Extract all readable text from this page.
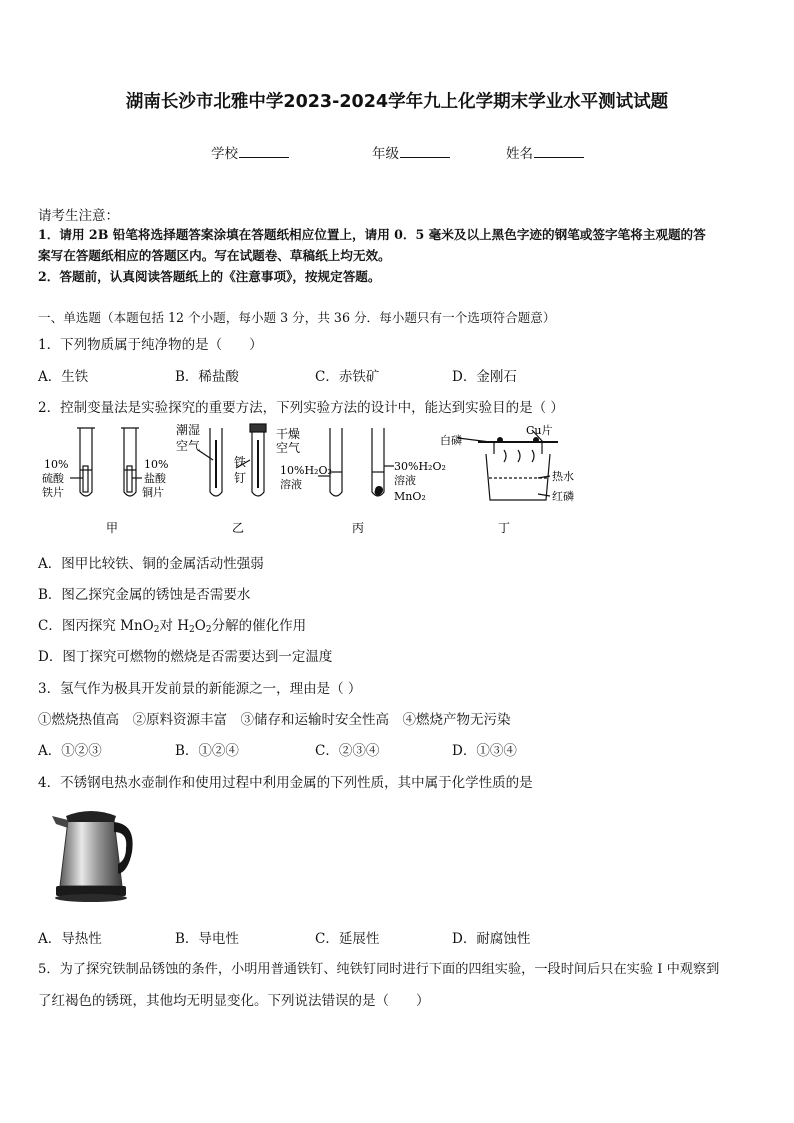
湖南长沙市北雅中学2023-2024学年九上化学期末学业水平测试试题
学校	年级	姓名
请考生注意：
1．请用 2B 铅笔将选择题答案涂填在答题纸相应位置上，请用 0．5 毫米及以上黑色字迹的钢笔或签字笔将主观题的答
案写在答题纸相应的答题区内。写在试题卷、草稿纸上均无效。
2．答题前，认真阅读答题纸上的《注意事项》，按规定答题。
一、单选题（本题包括 12 个小题，每小题 3 分，共 36 分．每小题只有一个选项符合题意）
1．下列物质属于纯净物的是（　　）
A．生铁	B．稀盐酸	C．赤铁矿	D．金刚石
2．控制变量法是实验探究的重要方法，下列实验方法的设计中，能达到实验目的是（ ）
10%
硫酸
铁片
10%
盐酸
铜片
潮湿
空气
铁
钉
干燥
空气
10%H₂O₂
溶液
30%H₂O₂
溶液
MnO₂
白磷
Cu片
热水
红磷
甲	乙	丙	丁
A．图甲比较铁、铜的金属活动性强弱
B．图乙探究金属的锈蚀是否需要水
C．图丙探究 MnO$_2$对 $H_2O_2$分解的催化作用
D．图丁探究可燃物的燃烧是否需要达到一定温度
3．氢气作为极具开发前景的新能源之一，理由是（ ）
①燃烧热值高　②原料资源丰富　③储存和运输时安全性高　④燃烧产物无污染
A．①②③	B．①②④	C．②③④	D．①③④
4．不锈钢电热水壶制作和使用过程中利用金属的下列性质，其中属于化学性质的是
A．导热性	B．导电性	C．延展性	D．耐腐蚀性
5．为了探究铁制品锈蚀的条件，小明用普通铁钉、纯铁钉同时进行下面的四组实验，一段时间后只在实验 I 中观察到
了红褐色的锈斑，其他均无明显变化。下列说法错误的是（　　）
